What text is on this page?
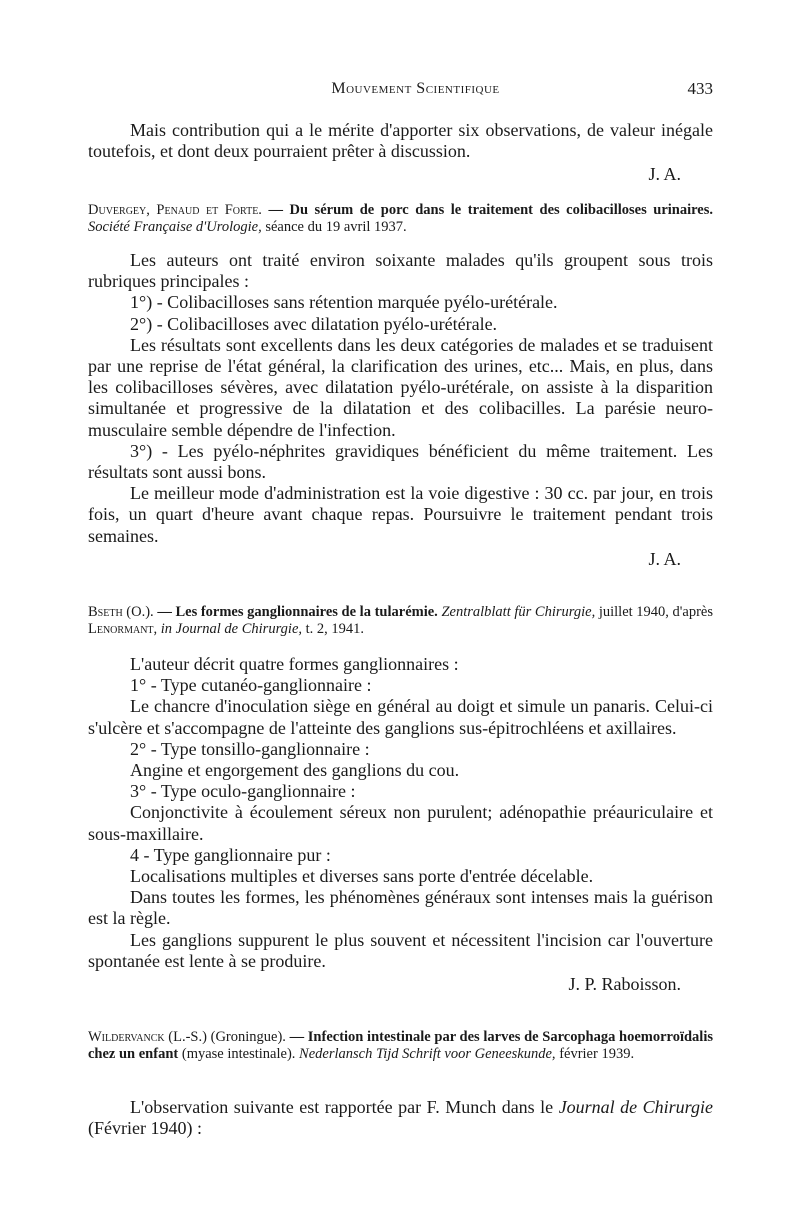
Mouvement Scientifique	433

Mais contribution qui a le mérite d'apporter six observations, de valeur inégale toutefois, et dont deux pourraient prêter à discussion.

J. A.

Duvergey, Penaud et Forte. — Du sérum de porc dans le traitement des colibacilloses urinaires. Société Française d'Urologie, séance du 19 avril 1937.

Les auteurs ont traité environ soixante malades qu'ils groupent sous trois rubriques principales :

1°) - Colibacilloses sans rétention marquée pyélo-urétérale.

2°) - Colibacilloses avec dilatation pyélo-urétérale.

Les résultats sont excellents dans les deux catégories de malades et se traduisent par une reprise de l'état général, la clarification des urines, etc... Mais, en plus, dans les colibacilloses sévères, avec dilatation pyélo-urétérale, on assiste à la disparition simultanée et progressive de la dilatation et des colibacilles. La parésie neuro-musculaire semble dépendre de l'infection.

3°) - Les pyélo-néphrites gravidiques bénéficient du même traitement. Les résultats sont aussi bons.

Le meilleur mode d'administration est la voie digestive : 30 cc. par jour, en trois fois, un quart d'heure avant chaque repas. Poursuivre le traitement pendant trois semaines.

J. A.

Bseth (O.). — Les formes ganglionnaires de la tularémie. Zentralblatt für Chirurgie, juillet 1940, d'après Lenormant, in Journal de Chirurgie, t. 2, 1941.

L'auteur décrit quatre formes ganglionnaires :

1° - Type cutanéo-ganglionnaire :

Le chancre d'inoculation siège en général au doigt et simule un panaris. Celui-ci s'ulcère et s'accompagne de l'atteinte des ganglions sus-épitrochléens et axillaires.

2° - Type tonsillo-ganglionnaire :

Angine et engorgement des ganglions du cou.

3° - Type oculo-ganglionnaire :

Conjonctivite à écoulement séreux non purulent; adénopathie préauriculaire et sous-maxillaire.

4 - Type ganglionnaire pur :

Localisations multiples et diverses sans porte d'entrée décelable.

Dans toutes les formes, les phénomènes généraux sont intenses mais la guérison est la règle.

Les ganglions suppurent le plus souvent et nécessitent l'incision car l'ouverture spontanée est lente à se produire.

J. P. Raboisson.

Wildervanck (L.-S.) (Groningue). — Infection intestinale par des larves de Sarcophaga hoemorroïdalis chez un enfant (myase intestinale). Nederlansch Tijd Schrift voor Geneeskunde, février 1939.

L'observation suivante est rapportée par F. Munch dans le Journal de Chirurgie (Février 1940) :
